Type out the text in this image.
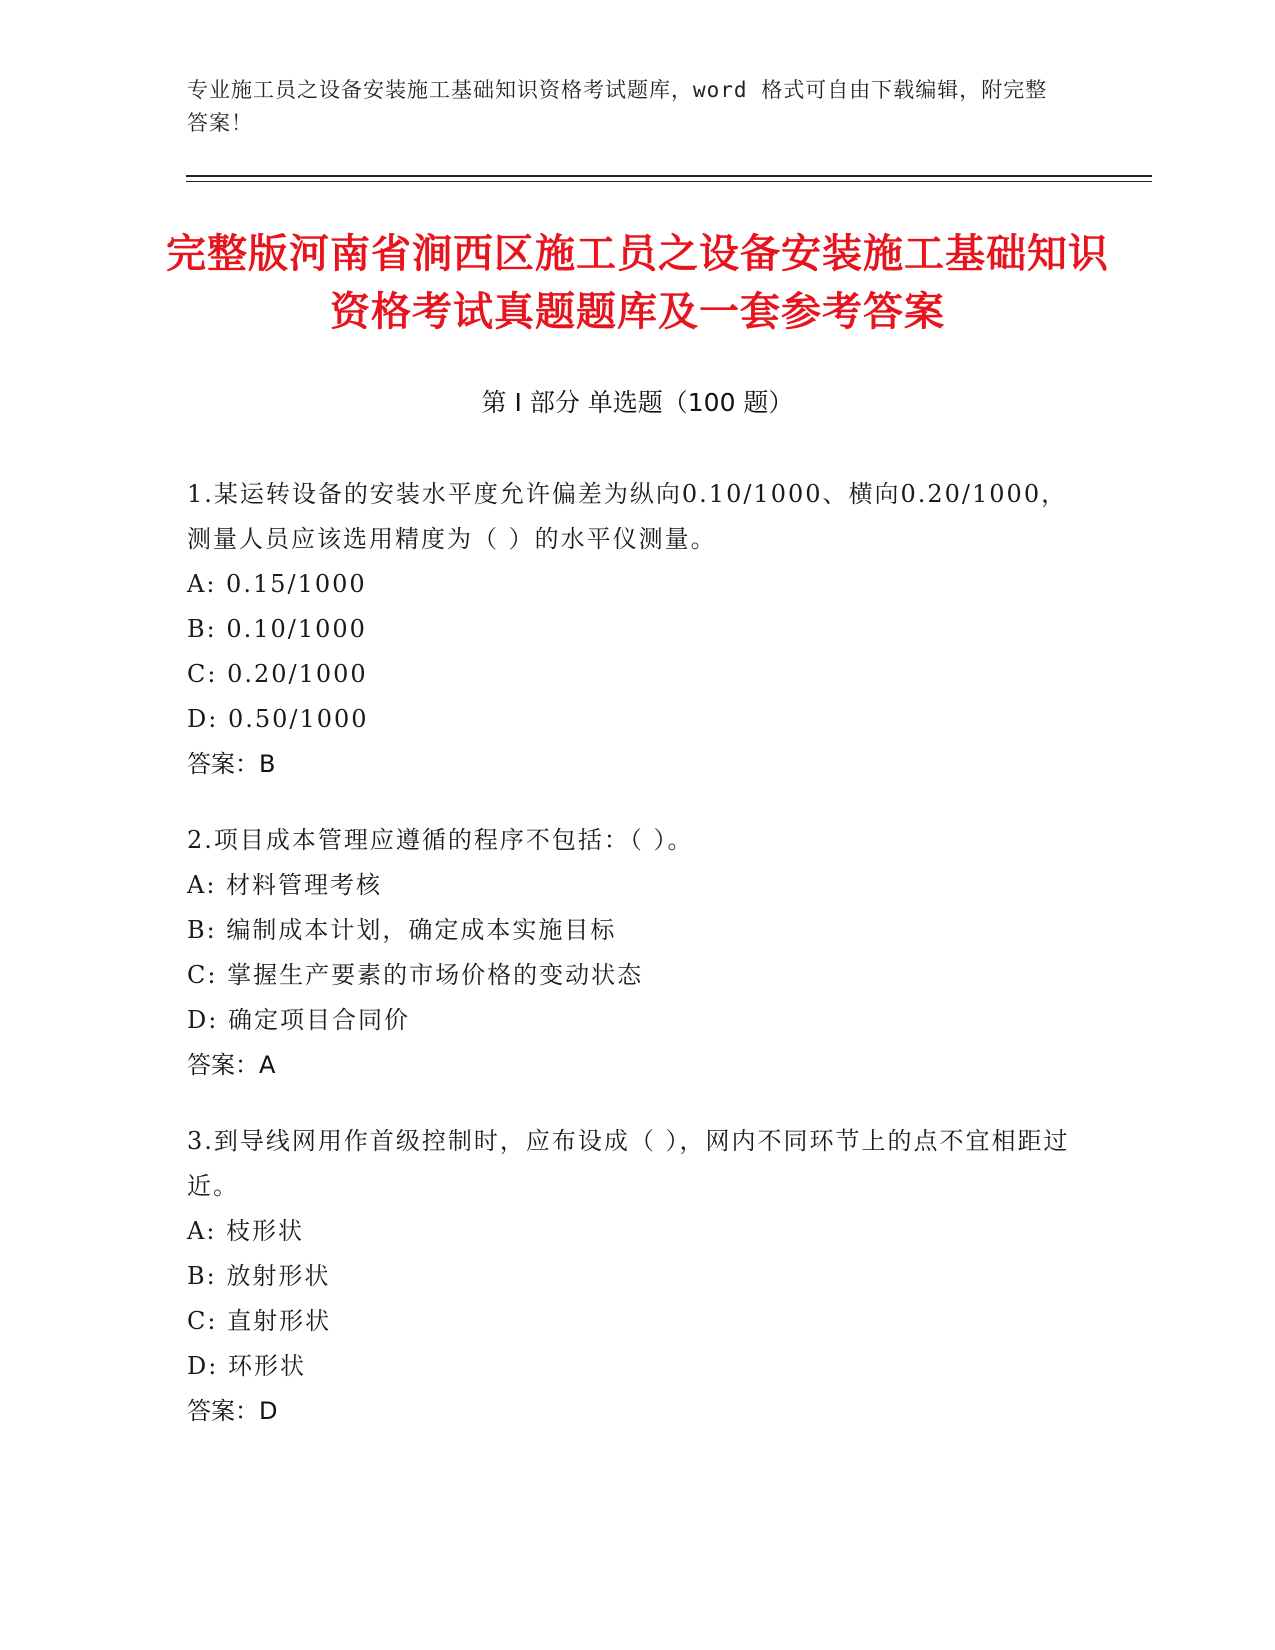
专业施工员之设备安装施工基础知识资格考试题库，word 格式可自由下载编辑，附完整答案！
完整版河南省涧西区施工员之设备安装施工基础知识资格考试真题题库及一套参考答案
第 I 部分 单选题（100 题）
1.某运转设备的安装水平度允许偏差为纵向0.10/1000、横向0.20/1000，测量人员应该选用精度为（ ）的水平仪测量。
A: 0.15/1000
B: 0.10/1000
C: 0.20/1000
D: 0.50/1000
答案：B
2.项目成本管理应遵循的程序不包括：（ ）。
A: 材料管理考核
B: 编制成本计划，确定成本实施目标
C: 掌握生产要素的市场价格的变动状态
D: 确定项目合同价
答案：A
3.到导线网用作首级控制时，应布设成（ ），网内不同环节上的点不宜相距过近。
A: 枝形状
B: 放射形状
C: 直射形状
D: 环形状
答案：D
